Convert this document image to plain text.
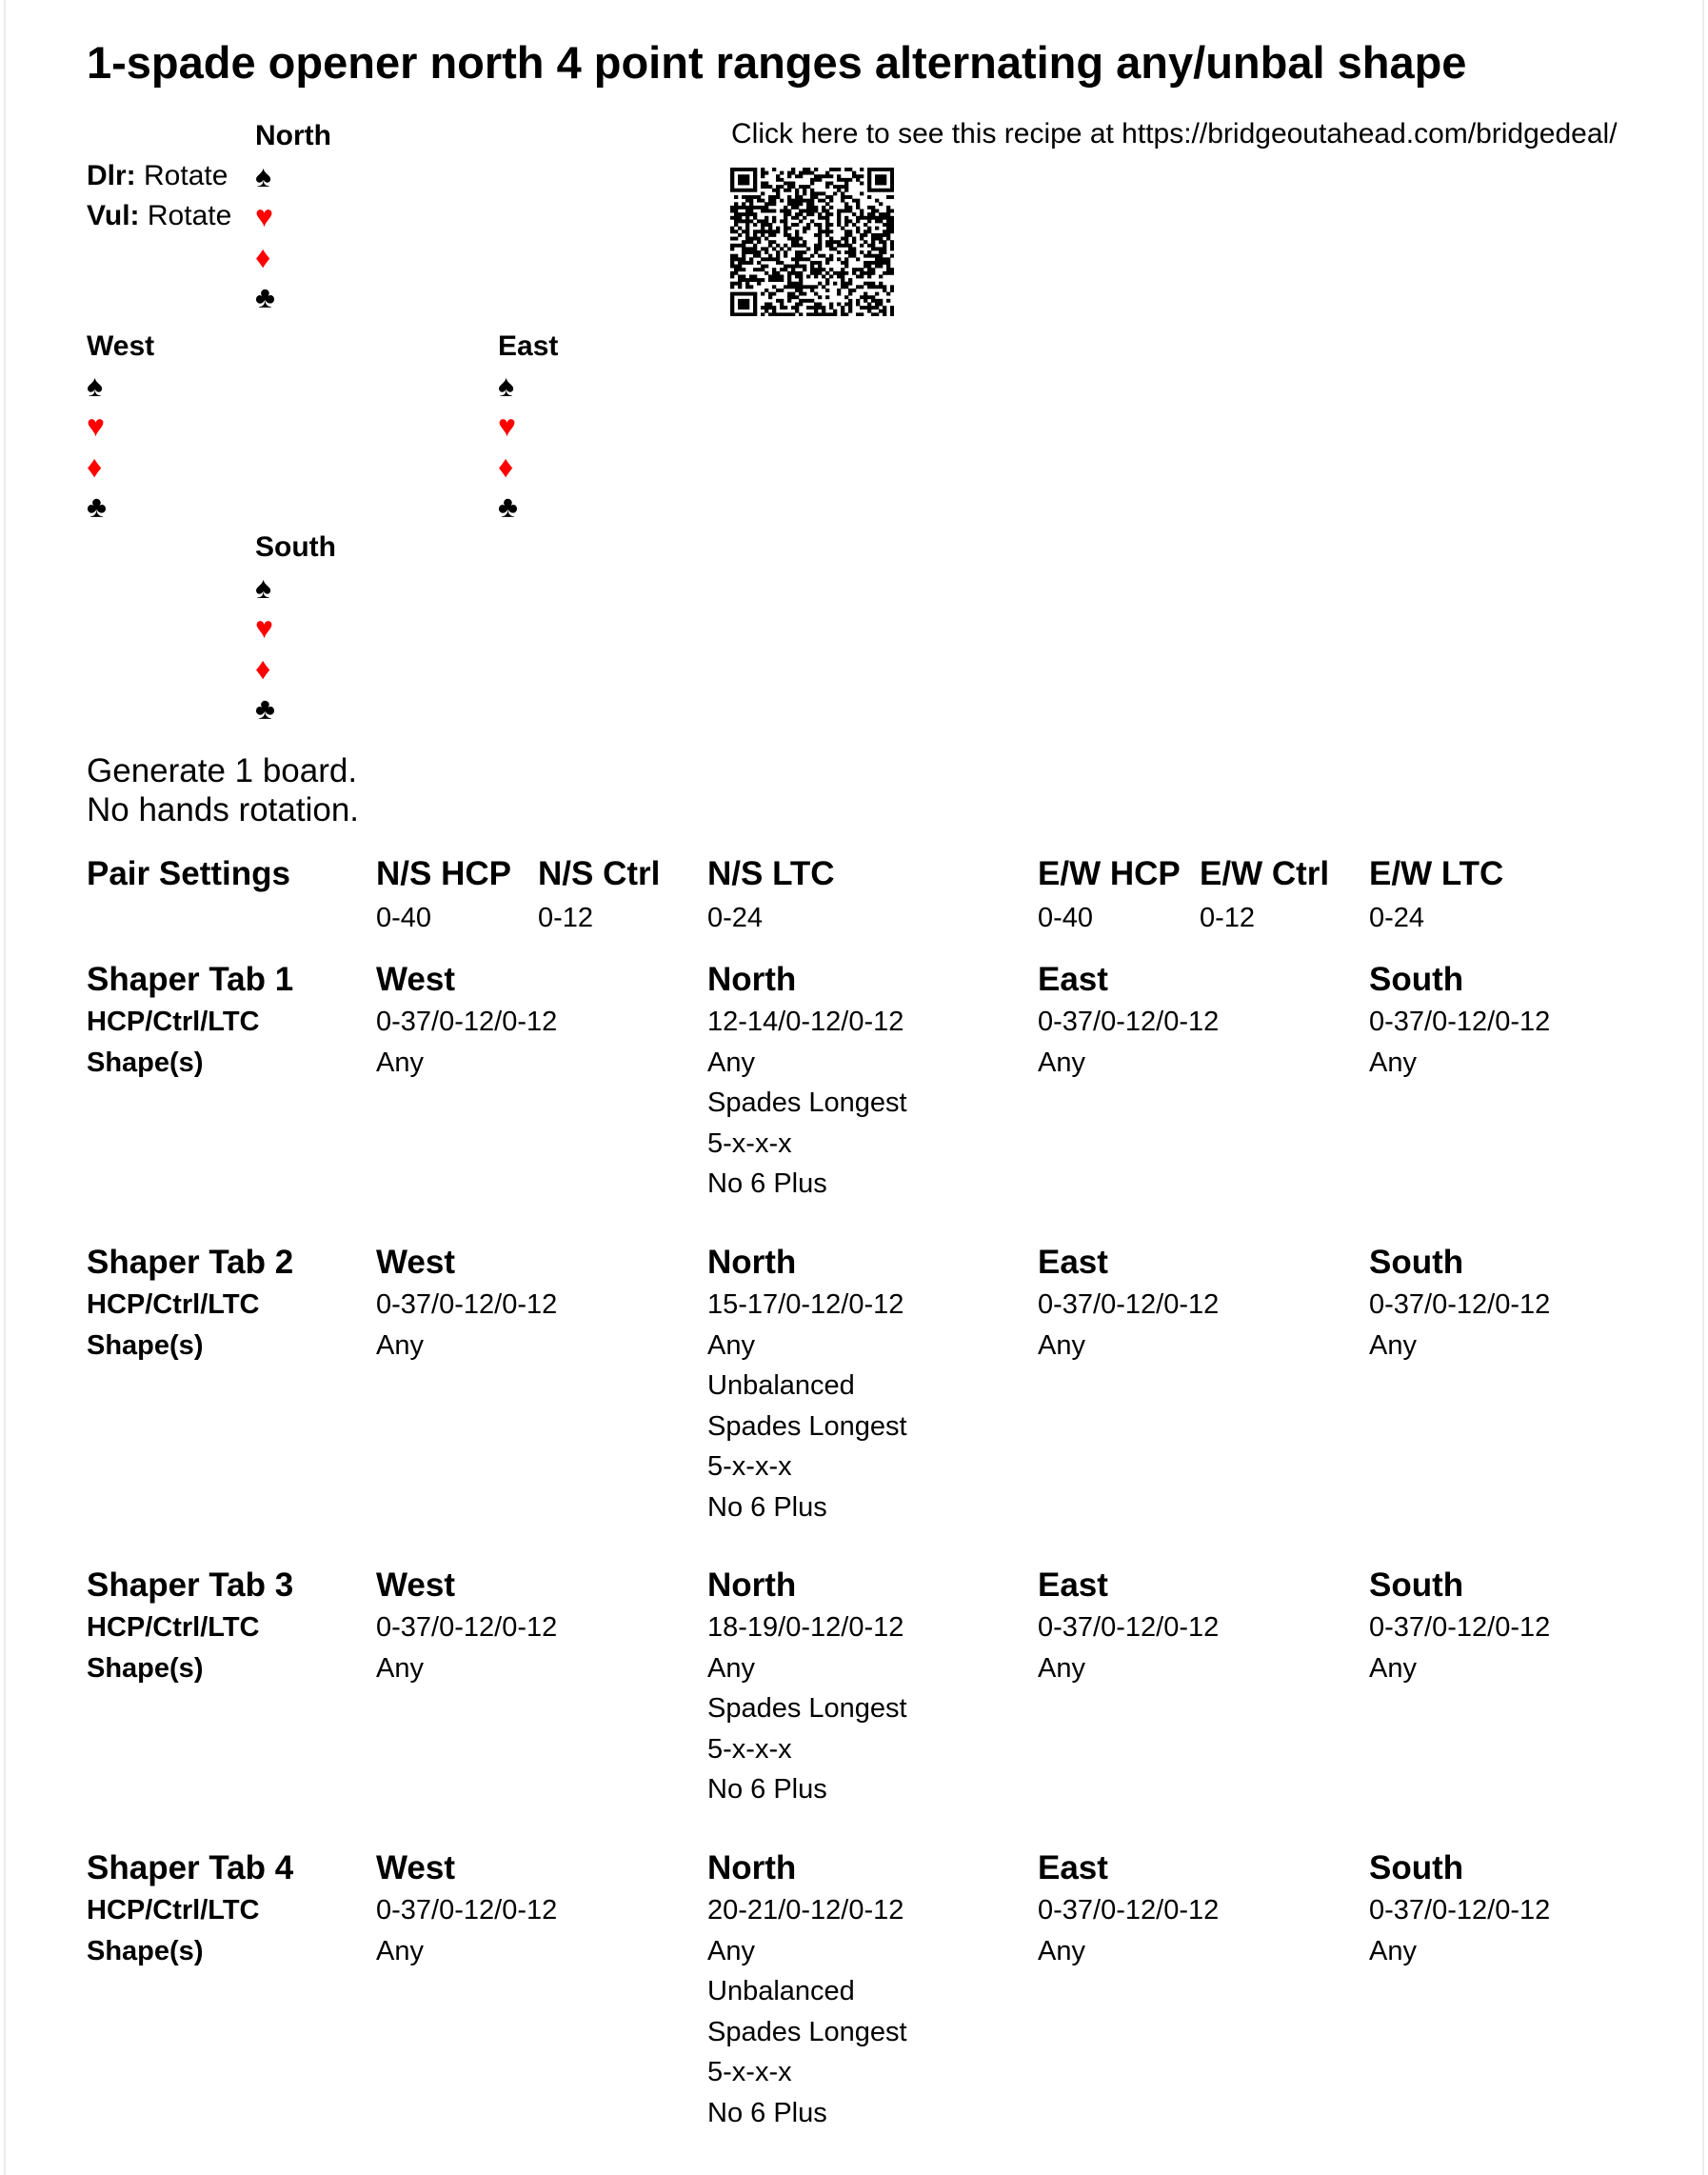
1-spade opener north 4 point ranges alternating any/unbal shape
North
♠
♥
♦
♣
Dlr: Rotate
Vul: Rotate
West
♠
♥
♦
♣
East
♠
♥
♦
♣
South
♠
♥
♦
♣
Click here to see this recipe at https://bridgeoutahead.com/bridgedeal/
Generate 1 board.
No hands rotation.
Pair Settings	N/S HCP
0-40
N/S Ctrl
0-12
N/S LTC
0-24
E/W HCP
0-40
E/W Ctrl
0-12
E/W LTC
0-24
Shaper Tab 1
HCP/Ctrl/LTC
Shape(s)
West
0-37/0-12/0-12
Any
North
12-14/0-12/0-12
Any
Spades Longest
5-x-x-x
No 6 Plus
East
0-37/0-12/0-12
Any
South
0-37/0-12/0-12
Any
Shaper Tab 2
HCP/Ctrl/LTC
Shape(s)
West
0-37/0-12/0-12
Any
North
15-17/0-12/0-12
Any
Unbalanced
Spades Longest
5-x-x-x
No 6 Plus
East
0-37/0-12/0-12
Any
South
0-37/0-12/0-12
Any
Shaper Tab 3
HCP/Ctrl/LTC
Shape(s)
West
0-37/0-12/0-12
Any
North
18-19/0-12/0-12
Any
Spades Longest
5-x-x-x
No 6 Plus
East
0-37/0-12/0-12
Any
South
0-37/0-12/0-12
Any
Shaper Tab 4
HCP/Ctrl/LTC
Shape(s)
West
0-37/0-12/0-12
Any
North
20-21/0-12/0-12
Any
Unbalanced
Spades Longest
5-x-x-x
No 6 Plus
East
0-37/0-12/0-12
Any
South
0-37/0-12/0-12
Any
